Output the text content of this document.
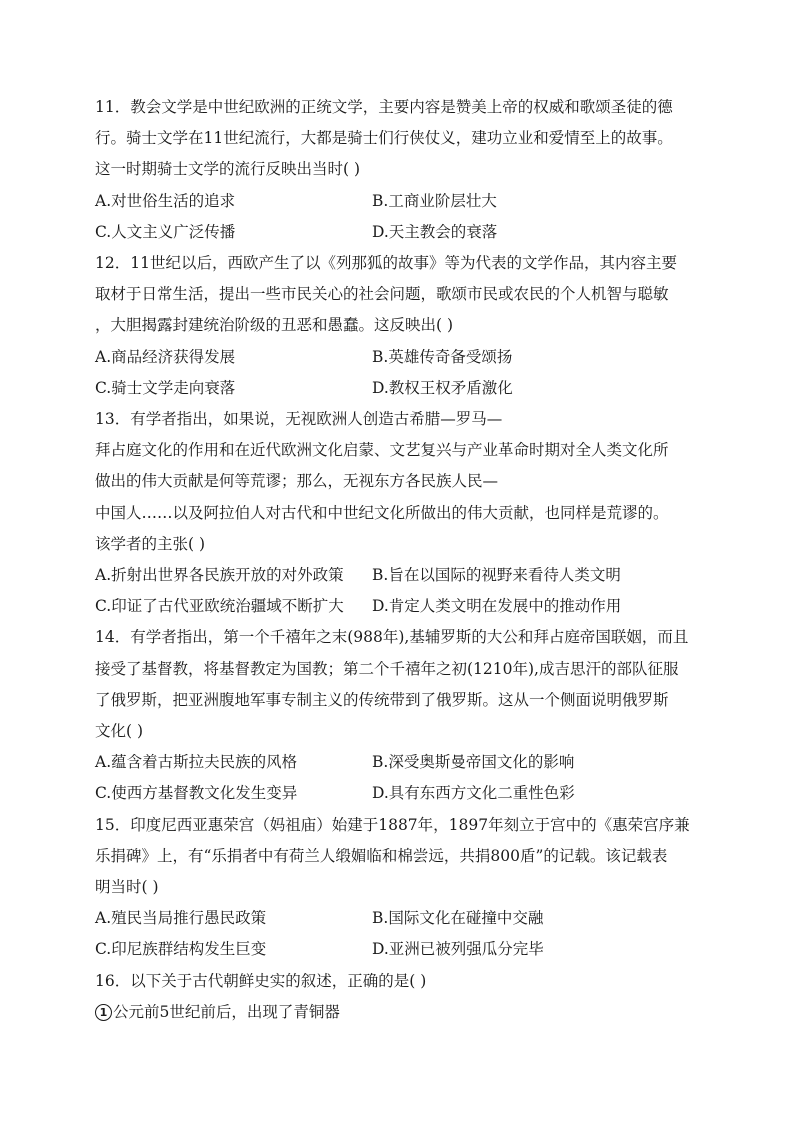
11．教会文学是中世纪欧洲的正统文学，主要内容是赞美上帝的权威和歌颂圣徒的德
行。骑士文学在11世纪流行，大都是骑士们行侠仗义，建功立业和爱情至上的故事。
这一时期骑士文学的流行反映出当时( )

A.对世俗生活的追求	B.工商业阶层壮大
C.人文主义广泛传播	D.天主教会的衰落

12．11世纪以后，西欧产生了以《列那狐的故事》等为代表的文学作品，其内容主要
取材于日常生活，提出一些市民关心的社会问题，歌颂市民或农民的个人机智与聪敏
，大胆揭露封建统治阶级的丑恶和愚蠢。这反映出( )

A.商品经济获得发展	B.英雄传奇备受颂扬
C.骑士文学走向衰落	D.教权王权矛盾激化

13．有学者指出，如果说，无视欧洲人创造古希腊—罗马—
拜占庭文化的作用和在近代欧洲文化启蒙、文艺复兴与产业革命时期对全人类文化所
做出的伟大贡献是何等荒谬；那么，无视东方各民族人民—
中国人……以及阿拉伯人对古代和中世纪文化所做出的伟大贡献，也同样是荒谬的。
该学者的主张( )

A.折射出世界各民族开放的对外政策	B.旨在以国际的视野来看待人类文明
C.印证了古代亚欧统治疆域不断扩大	D.肯定人类文明在发展中的推动作用

14．有学者指出，第一个千禧年之末(988年),基辅罗斯的大公和拜占庭帝国联姻，而且
接受了基督教，将基督教定为国教；第二个千禧年之初(1210年),成吉思汗的部队征服
了俄罗斯，把亚洲腹地军事专制主义的传统带到了俄罗斯。这从一个侧面说明俄罗斯
文化( )

A.蕴含着古斯拉夫民族的风格	B.深受奥斯曼帝国文化的影响
C.使西方基督教文化发生变异	D.具有东西方文化二重性色彩

15．印度尼西亚惠荣宫（妈祖庙）始建于1887年，1897年刻立于宫中的《惠荣宫序兼
乐捐碑》上，有“乐捐者中有荷兰人缎媚临和棉尝远，共捐800盾”的记载。该记载表
明当时( )

A.殖民当局推行愚民政策	B.国际文化在碰撞中交融
C.印尼族群结构发生巨变	D.亚洲已被列强瓜分完毕

16．以下关于古代朝鲜史实的叙述，正确的是( )

1 公元前5世纪前后，出现了青铜器
